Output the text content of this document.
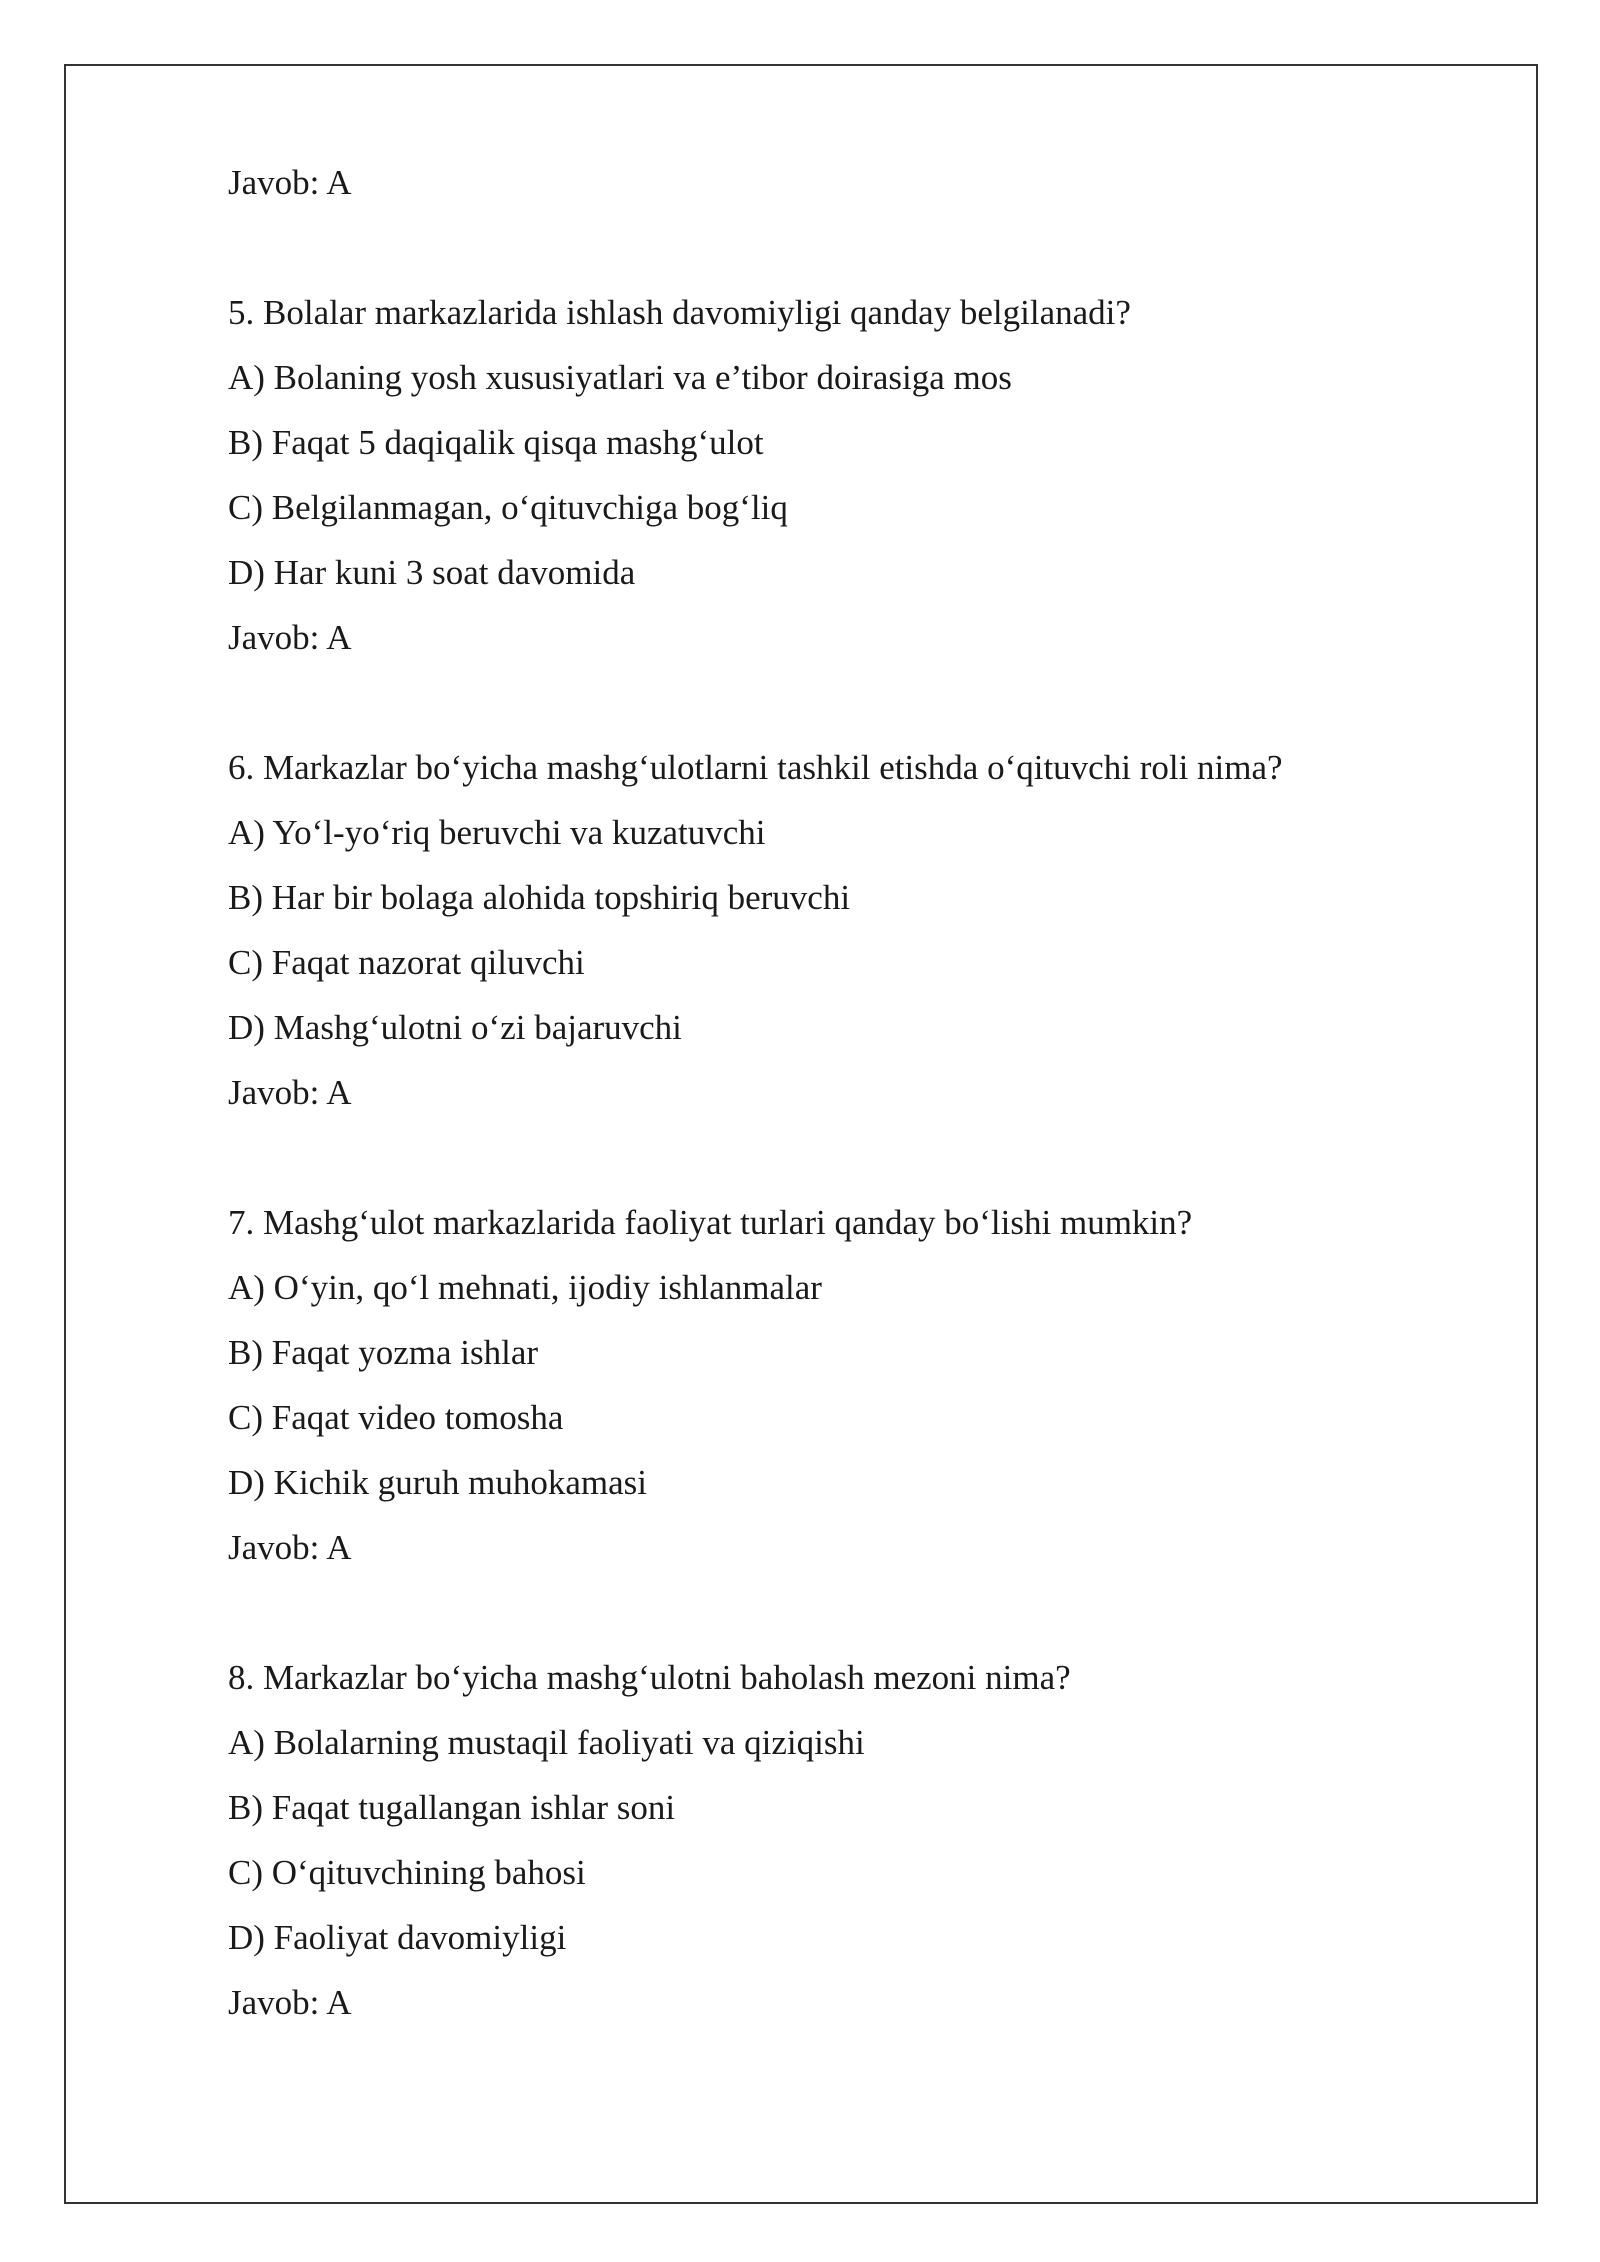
Javob: A
5. Bolalar markazlarida ishlash davomiyligi qanday belgilanadi?
A) Bolaning yosh xususiyatlari va e’tibor doirasiga mos
B) Faqat 5 daqiqalik qisqa mashg‘ulot
C) Belgilanmagan, o‘qituvchiga bog‘liq
D) Har kuni 3 soat davomida
Javob: A
6. Markazlar bo‘yicha mashg‘ulotlarni tashkil etishda o‘qituvchi roli nima?
A) Yo‘l-yo‘riq beruvchi va kuzatuvchi
B) Har bir bolaga alohida topshiriq beruvchi
C) Faqat nazorat qiluvchi
D) Mashg‘ulotni o‘zi bajaruvchi
Javob: A
7. Mashg‘ulot markazlarida faoliyat turlari qanday bo‘lishi mumkin?
A) O‘yin, qo‘l mehnati, ijodiy ishlanmalar
B) Faqat yozma ishlar
C) Faqat video tomosha
D) Kichik guruh muhokamasi
Javob: A
8. Markazlar bo‘yicha mashg‘ulotni baholash mezoni nima?
A) Bolalarning mustaqil faoliyati va qiziqishi
B) Faqat tugallangan ishlar soni
C) O‘qituvchining bahosi
D) Faoliyat davomiyligi
Javob: A
